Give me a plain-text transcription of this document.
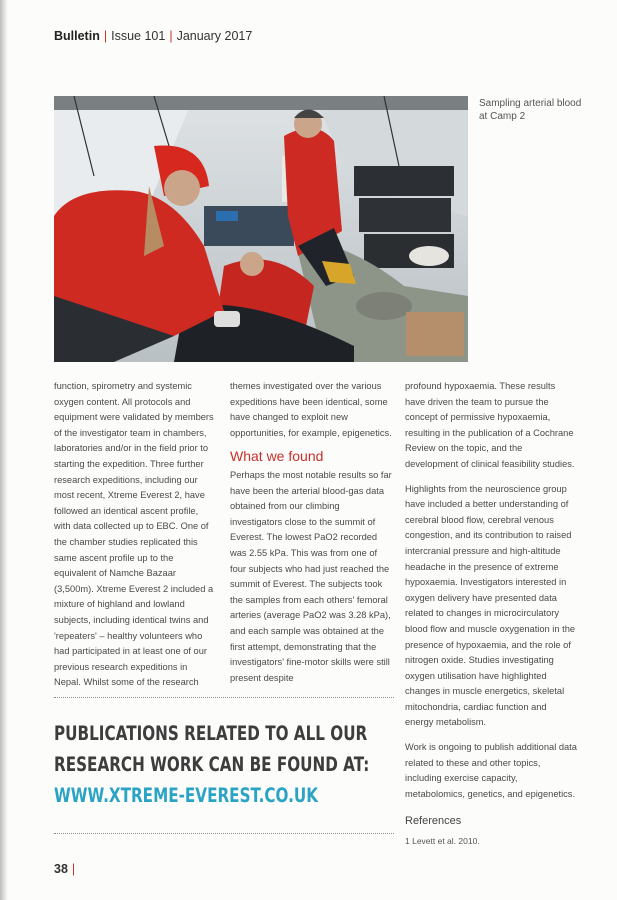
Bulletin | Issue 101 | January 2017
Sampling arterial blood at Camp 2

function, spirometry and systemic oxygen content. All protocols and equipment were validated by members of the investigator team in chambers, laboratories and/or in the field prior to starting the expedition. Three further research expeditions, including our most recent, Xtreme Everest 2, have followed an identical ascent profile, with data collected up to EBC. One of the chamber studies replicated this same ascent profile up to the equivalent of Namche Bazaar (3,500m). Xtreme Everest 2 included a mixture of highland and lowland subjects, including identical twins and 'repeaters' – healthy volunteers who had participated in at least one of our previous research expeditions in Nepal. Whilst some of the research

themes investigated over the various expeditions have been identical, some have changed to exploit new opportunities, for example, epigenetics.

What we found

Perhaps the most notable results so far have been the arterial blood-gas data obtained from our climbing investigators close to the summit of Everest. The lowest PaO2 recorded was 2.55 kPa. This was from one of four subjects who had just reached the summit of Everest. The subjects took the samples from each others' femoral arteries (average PaO2 was 3.28 kPa), and each sample was obtained at the first attempt, demonstrating that the investigators' fine-motor skills were still present despite

profound hypoxaemia. These results have driven the team to pursue the concept of permissive hypoxaemia, resulting in the publication of a Cochrane Review on the topic, and the development of clinical feasibility studies.

Highlights from the neuroscience group have included a better understanding of cerebral blood flow, cerebral venous congestion, and its contribution to raised intercranial pressure and high-altitude headache in the presence of extreme hypoxaemia. Investigators interested in oxygen delivery have presented data related to changes in microcirculatory blood flow and muscle oxygenation in the presence of hypoxaemia, and the role of nitrogen oxide. Studies investigating oxygen utilisation have highlighted changes in muscle energetics, skeletal mitochondria, cardiac function and energy metabolism.

Work is ongoing to publish additional data related to these and other topics, including exercise capacity, metabolomics, genetics, and epigenetics.

References
1 Levett et al. 2010.
PUBLICATIONS RELATED TO ALL OUR
RESEARCH WORK CAN BE FOUND AT:
WWW.XTREME-EVEREST.CO.UK
38 |
